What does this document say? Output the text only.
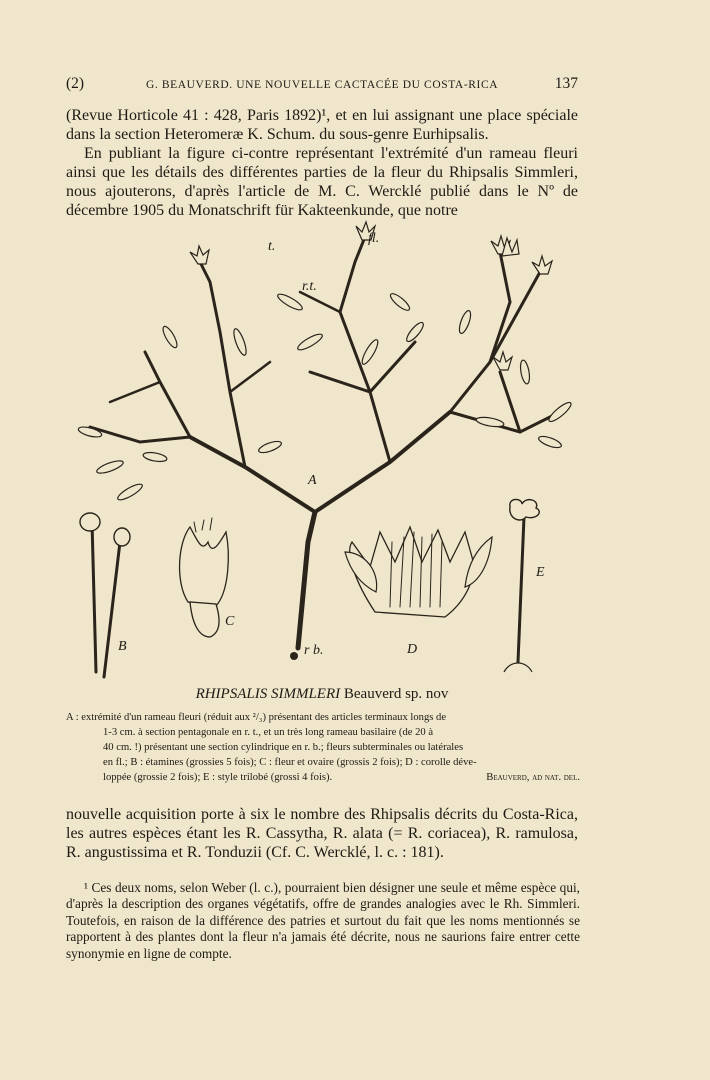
(2)	G. BEAUVERD. UNE NOUVELLE CACTACÉE DU COSTA-RICA	137

(Revue Horticole 41 : 428, Paris 1892)¹, et en lui assignant une place spéciale dans la section Heteromeræ K. Schum. du sous-genre Eurhipsalis.

En publiant la figure ci-contre représentant l'extrémité d'un rameau fleuri ainsi que les détails des différentes parties de la fleur du Rhipsalis Simmleri, nous ajouterons, d'après l'article de M. C. Wercklé publié dans le Nº de décembre 1905 du Monatschrift für Kakteenkunde, que notre

fl.
r.t.
t.
A
r b.
B
C
D
E
RHIPSALIS SIMMLERI Beauverd sp. nov
A : extrémité d'un rameau fleuri (réduit aux ²/₃) présentant des articles terminaux longs de
1-3 cm. à section pentagonale en r. t., et un très long rameau basilaire (de 20 à
40 cm. !) présentant une section cylindrique en r. b.; fleurs subterminales ou latérales
en fl.; B : étamines (grossies 5 fois); C : fleur et ovaire (grossis 2 fois); D : corolle déve-
loppée (grossie 2 fois); E : style trilobé (grossi 4 fois).	Beauverd, ad nat. del.

nouvelle acquisition porte à six le nombre des Rhipsalis décrits du Costa-Rica, les autres espèces étant les R. Cassytha, R. alata (= R. coriacea), R. ramulosa, R. angustissima et R. Tonduzii (Cf. C. Wercklé, l. c. : 181).

¹ Ces deux noms, selon Weber (l. c.), pourraient bien désigner une seule et même espèce qui, d'après la description des organes végétatifs, offre de grandes analogies avec le Rh. Simmleri. Toutefois, en raison de la différence des patries et surtout du fait que les noms mentionnés se rapportent à des plantes dont la fleur n'a jamais été décrite, nous ne saurions faire entrer cette synonymie en ligne de compte.
